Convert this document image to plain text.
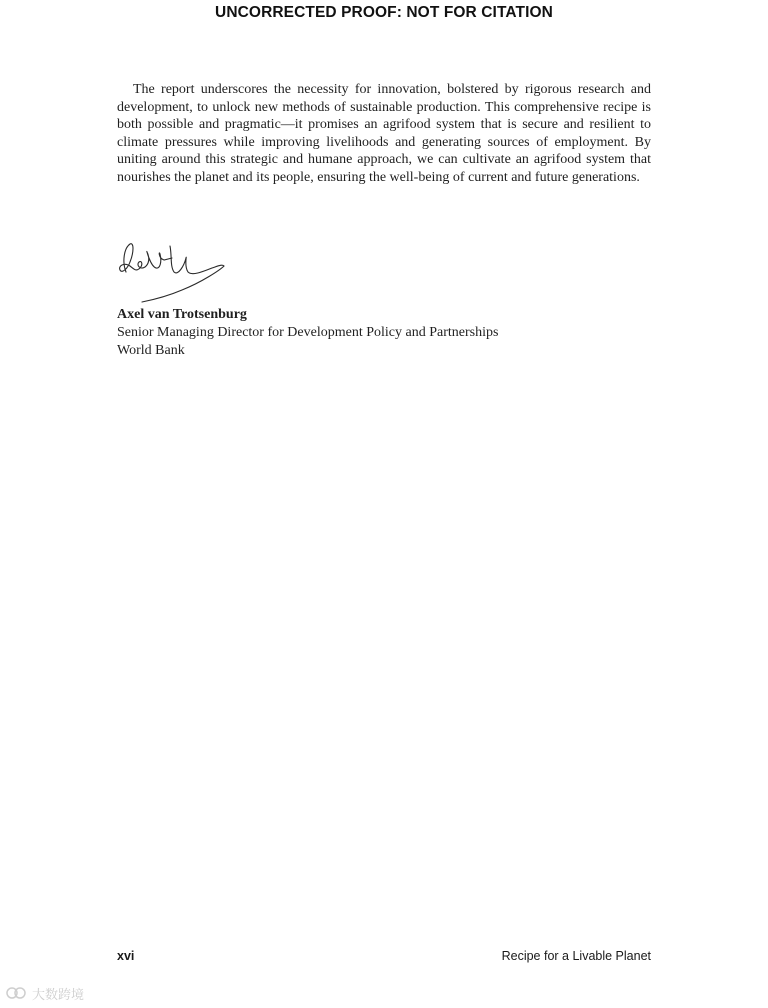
UNCORRECTED PROOF: NOT FOR CITATION

The report underscores the necessity for innovation, bolstered by rigorous research and development, to unlock new methods of sustainable production. This comprehensive recipe is both possible and pragmatic—it promises an agrifood system that is secure and resilient to climate pressures while improving livelihoods and generating sources of employment. By uniting around this strategic and humane approach, we can cultivate an agrifood system that nourishes the planet and its people, ensuring the well-being of current and future generations.

Axel van Trotsenburg
Senior Managing Director for Development Policy and Partnerships
World Bank
xvi	Recipe for a Livable Planet
大数跨境
